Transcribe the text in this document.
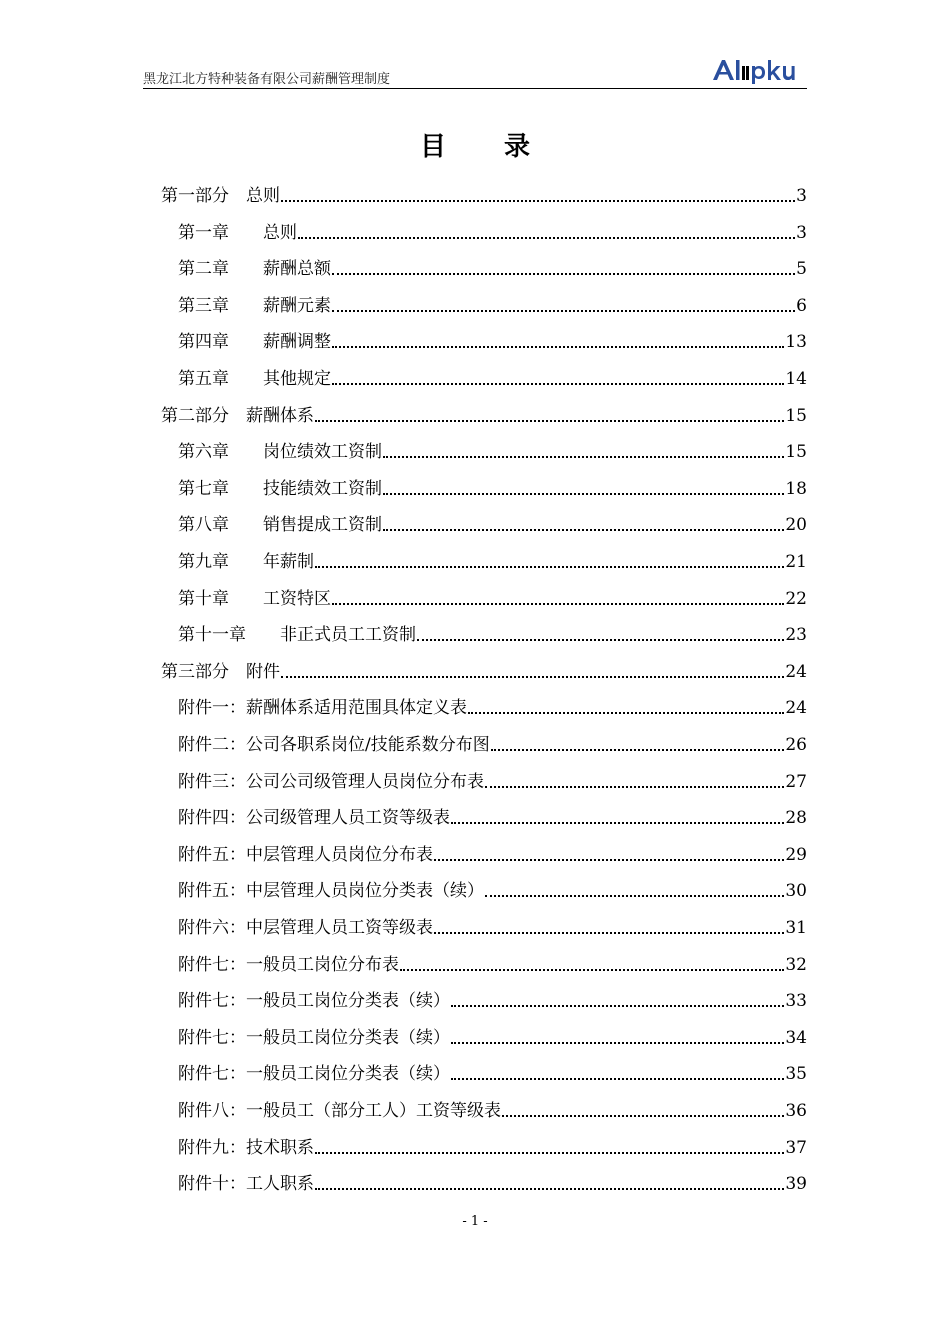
黑龙江北方特种装备有限公司薪酬管理制度
目录
第一部分　总则	3
第一章　　总则	3
第二章　　薪酬总额	5
第三章　　薪酬元素	6
第四章　　薪酬调整	13
第五章　　其他规定	14
第二部分　薪酬体系	15
第六章　　岗位绩效工资制	15
第七章　　技能绩效工资制	18
第八章　　销售提成工资制	20
第九章　　年薪制	21
第十章　　工资特区	22
第十一章　　非正式员工工资制	23
第三部分　附件	24
附件一：薪酬体系适用范围具体定义表	24
附件二：公司各职系岗位/技能系数分布图	26
附件三：公司公司级管理人员岗位分布表	27
附件四：公司级管理人员工资等级表	28
附件五：中层管理人员岗位分布表	29
附件五：中层管理人员岗位分类表（续）	30
附件六：中层管理人员工资等级表	31
附件七：一般员工岗位分布表	32
附件七：一般员工岗位分类表（续）	33
附件七：一般员工岗位分类表（续）	34
附件七：一般员工岗位分类表（续）	35
附件八：一般员工（部分工人）工资等级表	36
附件九：技术职系	37
附件十：工人职系	39
- 1 -
